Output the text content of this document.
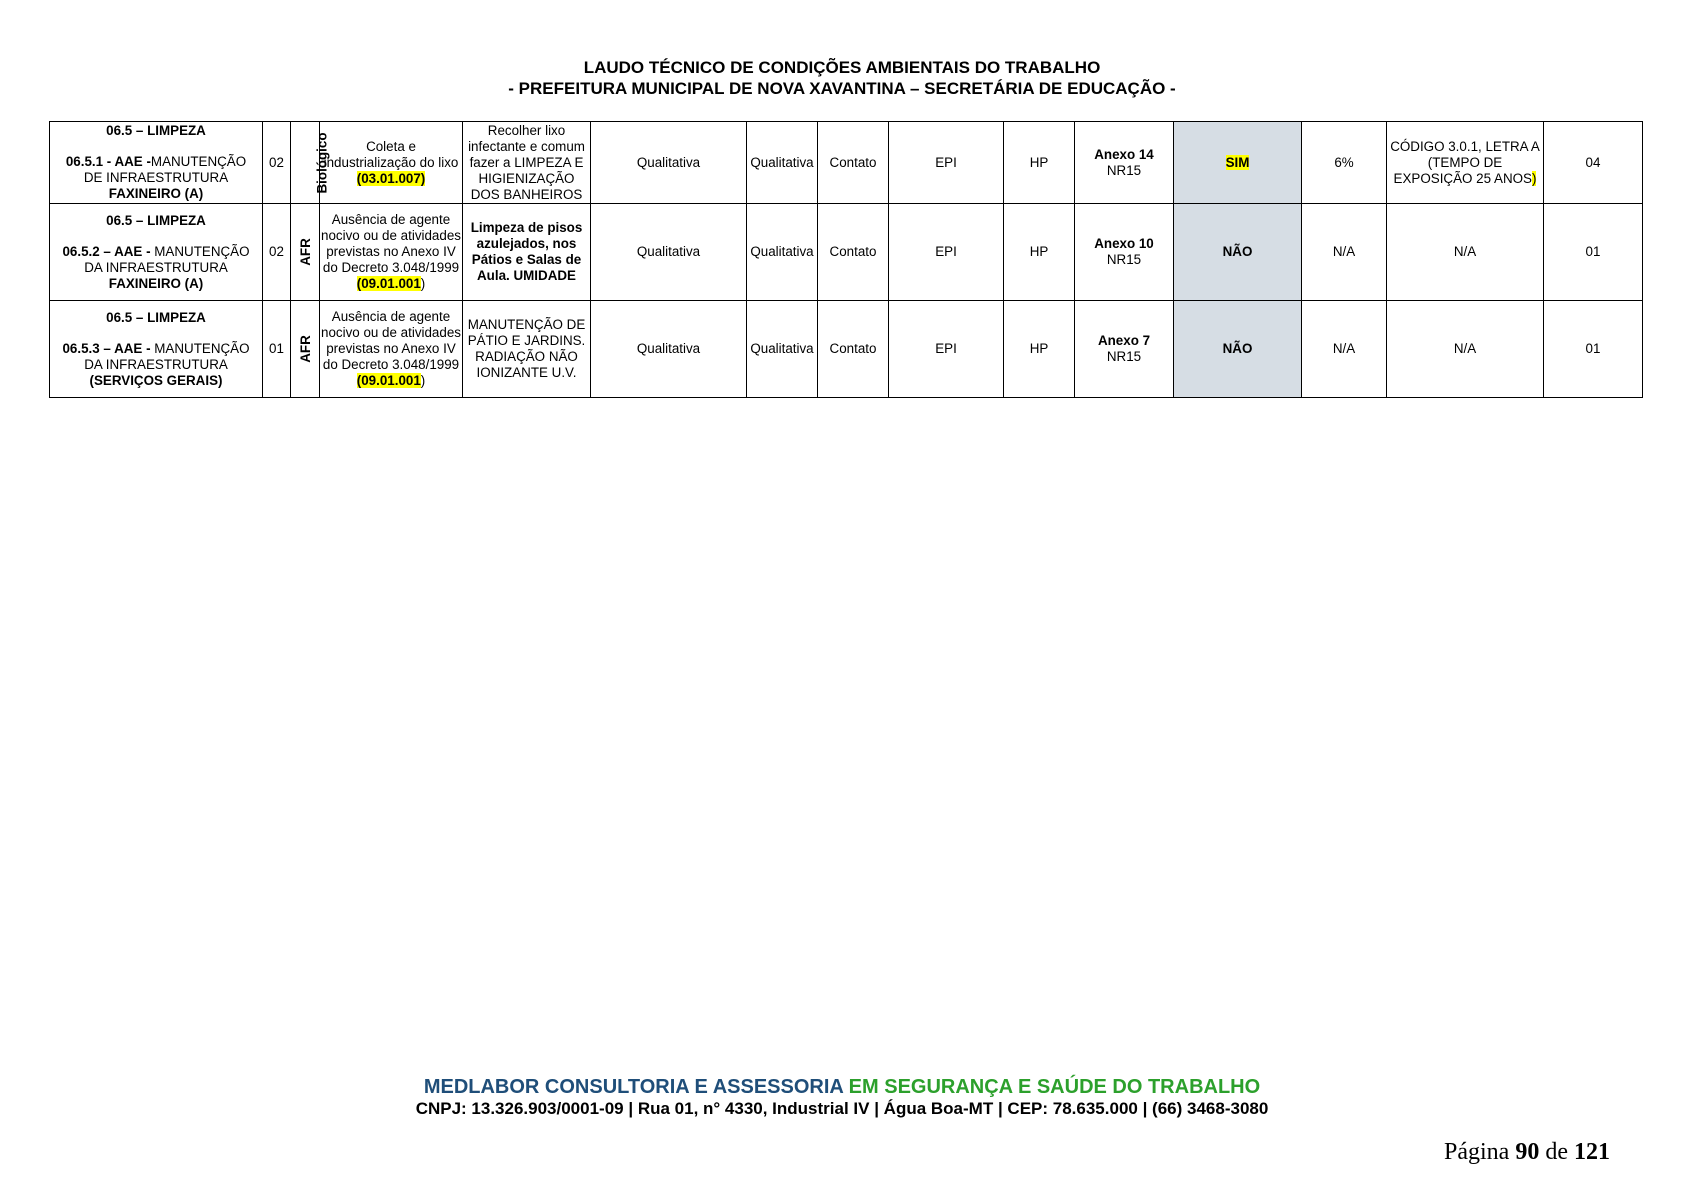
LAUDO TÉCNICO DE CONDIÇÕES AMBIENTAIS DO TRABALHO
- PREFEITURA MUNICIPAL DE NOVA XAVANTINA – SECRETÁRIA DE EDUCAÇÃO -
06.5 – LIMPEZA
06.5.1 - AAE -MANUTENÇÃO
DE INFRAESTRUTURA
FAXINEIRO (A)	02	Biológico	Coleta e industrialização do lixo
(03.01.007)	Recolher lixo infectante e comum fazer a LIMPEZA E HIGIENIZAÇÃO DOS BANHEIROS	Qualitativa	Qualitativa	Contato	EPI	HP	Anexo 14
NR15	SIM	6%	CÓDIGO 3.0.1, LETRA A (TEMPO DE EXPOSIÇÃO 25 ANOS)	04

06.5 – LIMPEZA
06.5.2 – AAE - MANUTENÇÃO
DA INFRAESTRUTURA
FAXINEIRO (A)	02	AFR	Ausência de agente nocivo ou de atividades previstas no Anexo IV do Decreto 3.048/1999
(09.01.001)	Limpeza de pisos azulejados, nos Pátios e Salas de Aula. UMIDADE	Qualitativa	Qualitativa	Contato	EPI	HP	Anexo 10
NR15	NÃO	N/A	N/A	01

06.5 – LIMPEZA
06.5.3 – AAE - MANUTENÇÃO
DA INFRAESTRUTURA
(SERVIÇOS GERAIS)	01	AFR	Ausência de agente nocivo ou de atividades previstas no Anexo IV do Decreto 3.048/1999
(09.01.001)	MANUTENÇÃO DE PÁTIO E JARDINS. RADIAÇÃO NÃO IONIZANTE U.V.	Qualitativa	Qualitativa	Contato	EPI	HP	Anexo 7
NR15	NÃO	N/A	N/A	01
MEDLABOR CONSULTORIA E ASSESSORIA EM SEGURANÇA E SAÚDE DO TRABALHO
CNPJ: 13.326.903/0001-09 | Rua 01, n° 4330, Industrial IV | Água Boa-MT | CEP: 78.635.000 | (66) 3468-3080
Página 90 de 121
